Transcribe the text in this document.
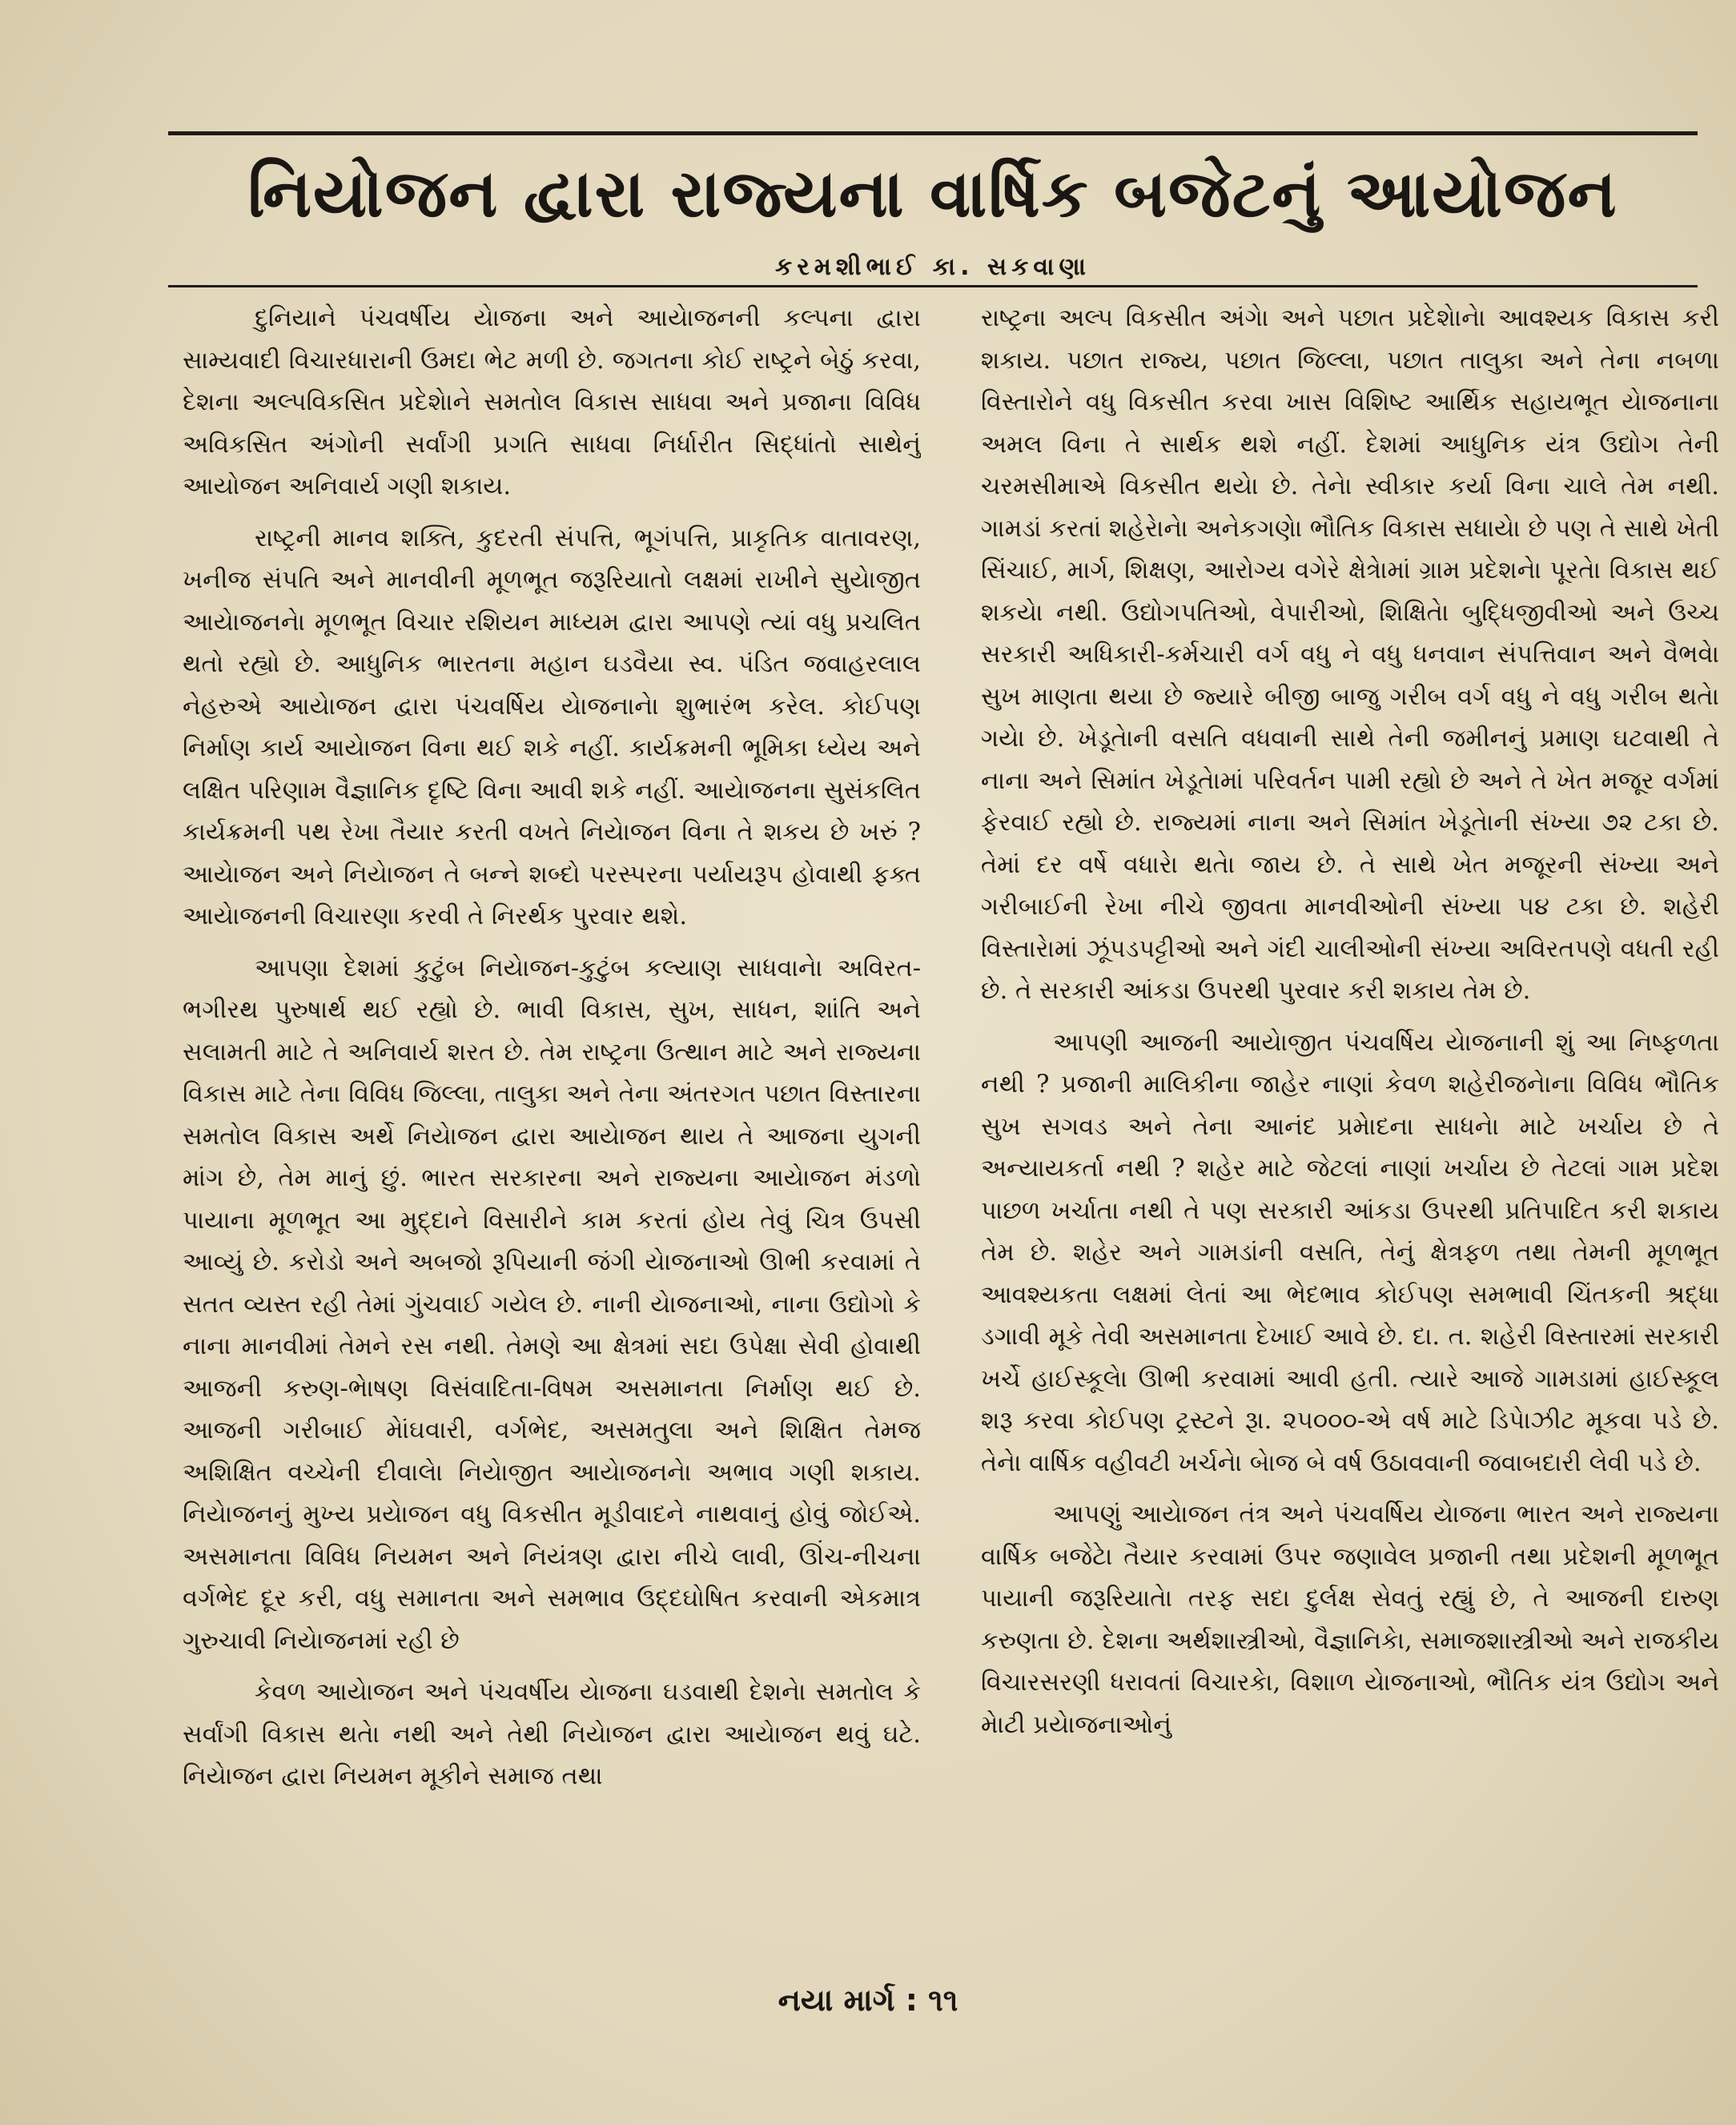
નિયોજન દ્વારા રાજ્યના વાર્ષિક બજેટનું આયોજન
કરમશીભાઈ કા. સકવાણા

દુનિયાને પંચવર્ષીય યેાજના અને આયેાજનની કલ્પના દ્વારા સામ્યવાદી વિચારધારાની ઉમદા ભેટ મળી છે. જગતના કોઈ રાષ્ટ્રને બેઠું કરવા, દેશના અલ્પવિકસિત પ્રદેશેાને સમતોલ વિકાસ સાધવા અને પ્રજાના વિવિધ અવિકસિત અંગોની સર્વાંગી પ્રગતિ સાધવા નિર્ધારીત સિદ્ધાંતો સાથેનું આયોજન અનિવાર્ય ગણી શકાય.

રાષ્ટ્રની માનવ શક્તિ, કુદરતી સંપત્તિ, ભૂગંપત્તિ, પ્રાકૃતિક વાતાવરણ, ખનીજ સંપતિ અને માનવીની મૂળભૂત જરૂરિયાતો લક્ષમાં રાખીને સુયેાજીત આયેાજનનેા મૂળભૂત વિચાર રશિયન માધ્યમ દ્વારા આપણે ત્યાં વધુ પ્રચલિત થતો રહ્યો છે. આધુનિક ભારતના મહાન ઘડવૈયા સ્વ. પંડિત જવાહરલાલ નેહરુએ આયેાજન દ્વારા પંચવર્ષિય યેાજનાનેા શુભારંભ કરેલ. કોઈપણ નિર્માણ કાર્ય આયેાજન વિના થઈ શકે નહીં. કાર્યક્રમની ભૂમિકા ધ્યેય અને લક્ષિત પરિણામ વૈજ્ઞાનિક દૃષ્ટિ વિના આવી શકે નહીં. આયેાજનના સુસંકલિત કાર્યક્રમની પથ રેખા તૈયાર કરતી વખતે નિયેાજન વિના તે શકય છે ખરું ? આયેાજન અને નિયેાજન તે બન્ને શબ્દો પરસ્પરના પર્યાયરૂપ હોવાથી ફક્ત આયેાજનની વિચારણા કરવી તે નિરર્થક પુરવાર થશે.

આપણા દેશમાં કુટુંબ નિયેાજન-કુટુંબ કલ્યાણ સાધવાનેા અવિરત-ભગીરથ પુરુષાર્થ થઈ રહ્યો છે. ભાવી વિકાસ, સુખ, સાધન, શાંતિ અને સલામતી માટે તે અનિવાર્ય શરત છે. તેમ રાષ્ટ્રના ઉત્થાન માટે અને રાજ્યના વિકાસ માટે તેના વિવિધ જિલ્લા, તાલુકા અને તેના અંતરગત પછાત વિસ્તારના સમતોલ વિકાસ અર્થે નિયેાજન દ્વારા આયેાજન થાય તે આજના યુગની માંગ છે, તેમ માનું છું. ભારત સરકારના અને રાજ્યના આયેાજન મંડળો પાયાના મૂળભૂત આ મુદ્દાને વિસારીને કામ કરતાં હોય તેવું ચિત્ર ઉપસી આવ્યું છે. કરોડો અને અબજો રૂપિયાની જંગી યેાજનાઓ ઊભી કરવામાં તે સતત વ્યસ્ત રહી તેમાં ગુંચવાઈ ગયેલ છે. નાની યેાજનાઓ, નાના ઉદ્યોગો કે નાના માનવીમાં તેમને રસ નથી. તેમણે આ ક્ષેત્રમાં સદા ઉપેક્ષા સેવી હોવાથી આજની કરુણ-ભેાષણ વિસંવાદિતા-વિષમ અસમાનતા નિર્માણ થઈ છે. આજની ગરીબાઈ મેાંઘવારી, વર્ગભેદ, અસમતુલા અને શિક્ષિત તેમજ અશિક્ષિત વચ્ચેની દીવાલેા નિયેાજીત આયેાજનનેા અભાવ ગણી શકાય. નિયેાજનનું મુખ્ય પ્રયેાજન વધુ વિકસીત મૂડીવાદને નાથવાનું હોવું જોઈએ. અસમાનતા વિવિધ નિયમન અને નિયંત્રણ દ્વારા નીચે લાવી, ઊંચ-નીચના વર્ગભેદ દૂર કરી, વધુ સમાનતા અને સમભાવ ઉદ્દઘોષિત કરવાની એકમાત્ર ગુરુચાવી નિયેાજનમાં રહી છે

કેવળ આયેાજન અને પંચવર્ષીય યેાજના ઘડવાથી દેશનેા સમતોલ કે સર્વાંગી વિકાસ થતેા નથી અને તેથી નિયેાજન દ્વારા આયેાજન થવું ઘટે. નિયેાજન દ્વારા નિયમન મૂકીને સમાજ તથા

રાષ્ટ્રના અલ્પ વિકસીત અંગેા અને પછાત પ્રદેશેાનેા આવશ્યક વિકાસ કરી શકાય. પછાત રાજ્ય, પછાત જિલ્લા, પછાત તાલુકા અને તેના નબળા વિસ્તારોને વધુ વિકસીત કરવા ખાસ વિશિષ્ટ આર્થિક સહાયભૂત યેાજનાના અમલ વિના તે સાર્થક થશે નહીં. દેશમાં આધુનિક યંત્ર ઉદ્યોગ તેની ચરમસીમાએ વિકસીત થયેા છે. તેનેા સ્વીકાર કર્યા વિના ચાલે તેમ નથી. ગામડાં કરતાં શહેરેાનેા અનેકગણેા ભૌતિક વિકાસ સધાયેા છે પણ તે સાથે ખેતી સિંચાઈ, માર્ગ, શિક્ષણ, આરોગ્ય વગેરે ક્ષેત્રેામાં ગ્રામ પ્રદેશનેા પૂરતેા વિકાસ થઈ શકયેા નથી. ઉદ્યોગપતિઓ, વેપારીઓ, શિક્ષિતેા બુદ્ધિજીવીઓ અને ઉચ્ચ સરકારી અધિકારી-કર્મચારી વર્ગ વધુ ને વધુ ધનવાન સંપત્તિવાન અને વૈભવેા સુખ માણતા થયા છે જ્યારે બીજી બાજુ ગરીબ વર્ગ વધુ ને વધુ ગરીબ થતેા ગયેા છે. ખેડૂતેાની વસતિ વધવાની સાથે તેની જમીનનું પ્રમાણ ઘટવાથી તે નાના અને સિમાંત ખેડૂતેામાં પરિવર્તન પામી રહ્યો છે અને તે ખેત મજૂર વર્ગમાં ફેરવાઈ રહ્યો છે. રાજ્યમાં નાના અને સિમાંત ખેડૂતેાની સંખ્યા ૭૨ ટકા છે. તેમાં દર વર્ષે વધારેા થતેા જાય છે. તે સાથે ખેત મજૂરની સંખ્યા અને ગરીબાઈની રેખા નીચે જીવતા માનવીઓની સંખ્યા ૫૪ ટકા છે. શહેરી વિસ્તારેામાં ઝૂંપડપટ્ટીઓ અને ગંદી ચાલીઓની સંખ્યા અવિરતપણે વધતી રહી છે. તે સરકારી આંકડા ઉપરથી પુરવાર કરી શકાય તેમ છે.

આપણી આજની આયેાજીત પંચવર્ષિય યેાજનાની શું આ નિષ્ફળતા નથી ? પ્રજાની માલિકીના જાહેર નાણાં કેવળ શહેરીજનેાના વિવિધ ભૌતિક સુખ સગવડ અને તેના આનંદ પ્રમેાદના સાધનેા માટે ખર્ચાય છે તે અન્યાયકર્તા નથી ? શહેર માટે જેટલાં નાણાં ખર્ચાય છે તેટલાં ગામ પ્રદેશ પાછળ ખર્ચાતા નથી તે પણ સરકારી આંકડા ઉપરથી પ્રતિપાદિત કરી શકાય તેમ છે. શહેર અને ગામડાંની વસતિ, તેનું ક્ષેત્રફળ તથા તેમની મૂળભૂત આવશ્યકતા લક્ષમાં લેતાં આ ભેદભાવ કોઈપણ સમભાવી ચિંતકની શ્રદ્ધા ડગાવી મૂકે તેવી અસમાનતા દેખાઈ આવે છે. દા. ત. શહેરી વિસ્તારમાં સરકારી ખર્ચે હાઈસ્કૂલેા ઊભી કરવામાં આવી હતી. ત્યારે આજે ગામડામાં હાઈસ્કૂલ શરૂ કરવા કોઈપણ ટ્રસ્ટને રૂા. ૨૫૦૦૦-એ વર્ષ માટે ડિપેાઝીટ મૂકવા પડે છે. તેનેા વાર્ષિક વહીવટી ખર્ચનેા બેાજ બે વર્ષ ઉઠાવવાની જવાબદારી લેવી પડે છે.

આપણું આયેાજન તંત્ર અને પંચવર્ષિય યેાજના ભારત અને રાજ્યના વાર્ષિક બજેટેા તૈયાર કરવામાં ઉપર જણાવેલ પ્રજાની તથા પ્રદેશની મૂળભૂત પાયાની જરૂરિયાતેા તરફ સદા દુર્લક્ષ સેવતું રહ્યું છે, તે આજની દારુણ કરુણતા છે. દેશના અર્થશાસ્ત્રીઓ, વૈજ્ઞાનિકેા, સમાજશાસ્ત્રીઓ અને રાજકીય વિચારસરણી ધરાવતાં વિચારકેા, વિશાળ યેાજનાઓ, ભૌતિક યંત્ર ઉદ્યોગ અને મેાટી પ્રયેાજનાઓનું

નયા માર્ગ : ૧૧
